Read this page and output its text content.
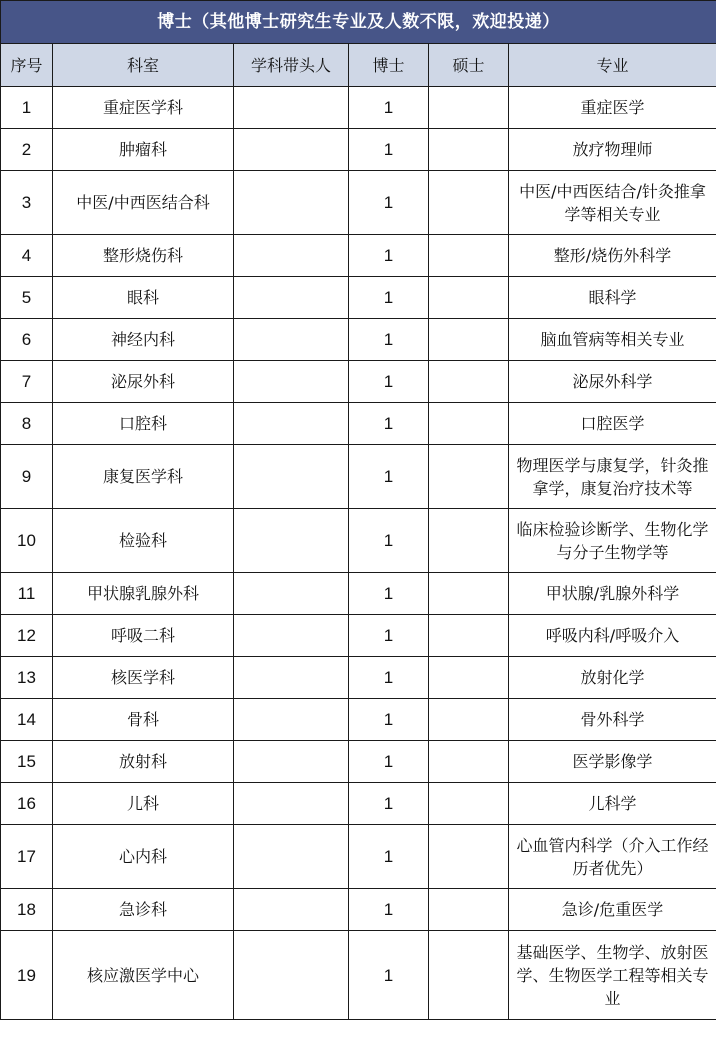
博士（其他博士研究生专业及人数不限，欢迎投递）					
序号	科室	学科带头人	博士	硕士	专业
1	重症医学科		1		重症医学
2	肿瘤科		1		放疗物理师
3	中医/中西医结合科		1		中医/中西医结合/针灸推拿学等相关专业
4	整形烧伤科		1		整形/烧伤外科学
5	眼科		1		眼科学
6	神经内科		1		脑血管病等相关专业
7	泌尿外科		1		泌尿外科学
8	口腔科		1		口腔医学
9	康复医学科		1		物理医学与康复学，针灸推拿学，康复治疗技术等
10	检验科		1		临床检验诊断学、生物化学与分子生物学等
11	甲状腺乳腺外科		1		甲状腺/乳腺外科学
12	呼吸二科		1		呼吸内科/呼吸介入
13	核医学科		1		放射化学
14	骨科		1		骨外科学
15	放射科		1		医学影像学
16	儿科		1		儿科学
17	心内科		1		心血管内科学（介入工作经历者优先）
18	急诊科		1		急诊/危重医学
19	核应激医学中心		1		基础医学、生物学、放射医学、生物医学工程等相关专业
